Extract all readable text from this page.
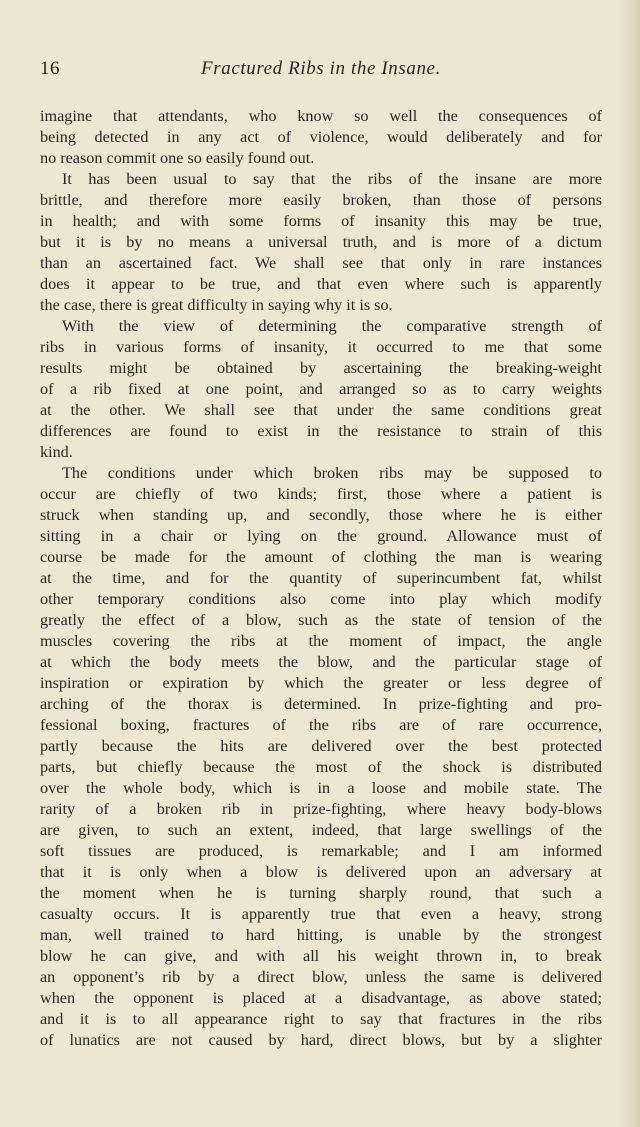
16	Fractured Ribs in the Insane.
imagine that attendants, who know so well the consequences of
being detected in any act of violence, would deliberately and for
no reason commit one so easily found out.
It has been usual to say that the ribs of the insane are more
brittle, and therefore more easily broken, than those of persons
in health; and with some forms of insanity this may be true,
but it is by no means a universal truth, and is more of a dictum
than an ascertained fact. We shall see that only in rare instances
does it appear to be true, and that even where such is apparently
the case, there is great difficulty in saying why it is so.
With the view of determining the comparative strength of
ribs in various forms of insanity, it occurred to me that some
results might be obtained by ascertaining the breaking-weight
of a rib fixed at one point, and arranged so as to carry weights
at the other. We shall see that under the same conditions great
differences are found to exist in the resistance to strain of this
kind.
The conditions under which broken ribs may be supposed to
occur are chiefly of two kinds; first, those where a patient is
struck when standing up, and secondly, those where he is either
sitting in a chair or lying on the ground. Allowance must of
course be made for the amount of clothing the man is wearing
at the time, and for the quantity of superincumbent fat, whilst
other temporary conditions also come into play which modify
greatly the effect of a blow, such as the state of tension of the
muscles covering the ribs at the moment of impact, the angle
at which the body meets the blow, and the particular stage of
inspiration or expiration by which the greater or less degree of
arching of the thorax is determined. In prize-fighting and pro-
fessional boxing, fractures of the ribs are of rare occurrence,
partly because the hits are delivered over the best protected
parts, but chiefly because the most of the shock is distributed
over the whole body, which is in a loose and mobile state. The
rarity of a broken rib in prize-fighting, where heavy body-blows
are given, to such an extent, indeed, that large swellings of the
soft tissues are produced, is remarkable; and I am informed
that it is only when a blow is delivered upon an adversary at
the moment when he is turning sharply round, that such a
casualty occurs. It is apparently true that even a heavy, strong
man, well trained to hard hitting, is unable by the strongest
blow he can give, and with all his weight thrown in, to break
an opponent’s rib by a direct blow, unless the same is delivered
when the opponent is placed at a disadvantage, as above stated;
and it is to all appearance right to say that fractures in the ribs
of lunatics are not caused by hard, direct blows, but by a slighter
